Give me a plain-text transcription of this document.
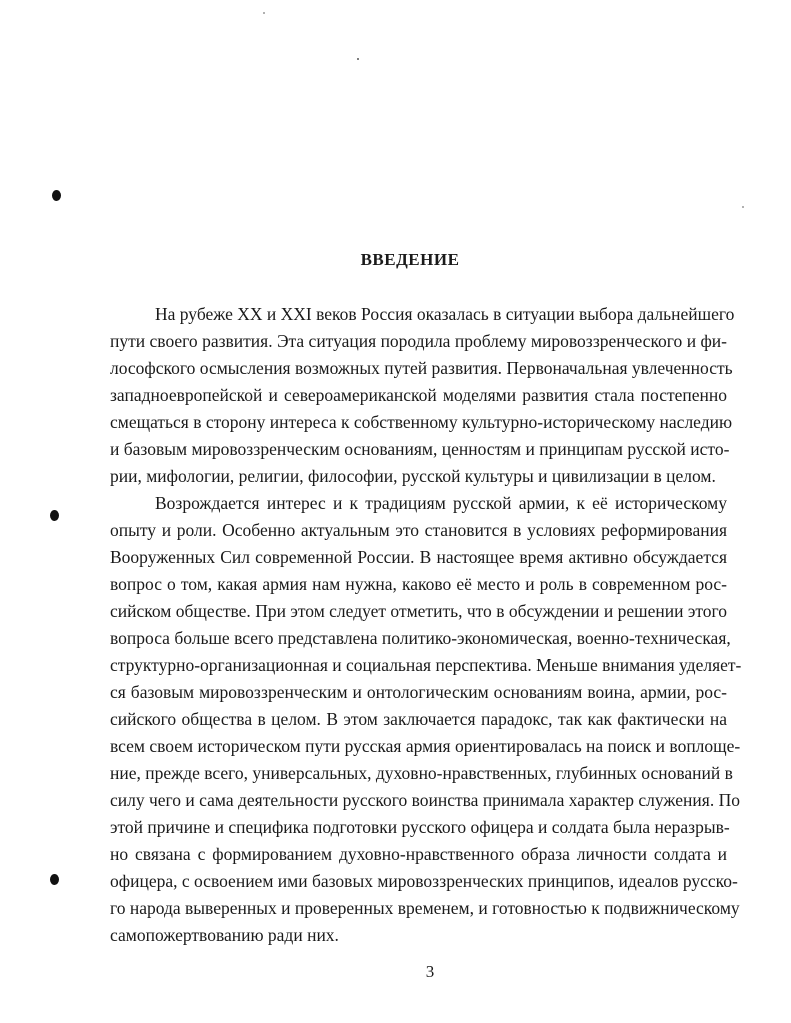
ВВЕДЕНИЕ

На рубеже XX и XXI веков Россия оказалась в ситуации выбора дальнейшего

пути своего развития. Эта ситуация породила проблему мировоззренческого и фи-

лософского осмысления возможных путей развития. Первоначальная увлеченность

западноевропейской и североамериканской моделями развития стала постепенно

смещаться в сторону интереса к собственному культурно-историческому наследию

и базовым мировоззренческим основаниям, ценностям и принципам русской исто-

рии, мифологии, религии, философии, русской культуры и цивилизации в целом.

Возрождается интерес и к традициям русской армии, к её историческому

опыту и роли. Особенно актуальным это становится в условиях реформирования

Вооруженных Сил современной России. В настоящее время активно обсуждается

вопрос о том, какая армия нам нужна, каково её место и роль в современном рос-

сийском обществе. При этом следует отметить, что в обсуждении и решении этого

вопроса больше всего представлена политико-экономическая, военно-техническая,

структурно-организационная и социальная перспектива. Меньше внимания уделяет-

ся базовым мировоззренческим и онтологическим основаниям воина, армии, рос-

сийского общества в целом. В этом заключается парадокс, так как фактически на

всем своем историческом пути русская армия ориентировалась на поиск и воплоще-

ние, прежде всего, универсальных, духовно-нравственных, глубинных оснований в

силу чего и сама деятельности русского воинства принимала характер служения. По

этой причине и специфика подготовки русского офицера и солдата была неразрыв-

но связана с формированием духовно-нравственного образа личности солдата и

офицера, с освоением ими базовых мировоззренческих принципов, идеалов русско-

го народа выверенных и проверенных временем, и готовностью к подвижническому

самопожертвованию ради них.

3
